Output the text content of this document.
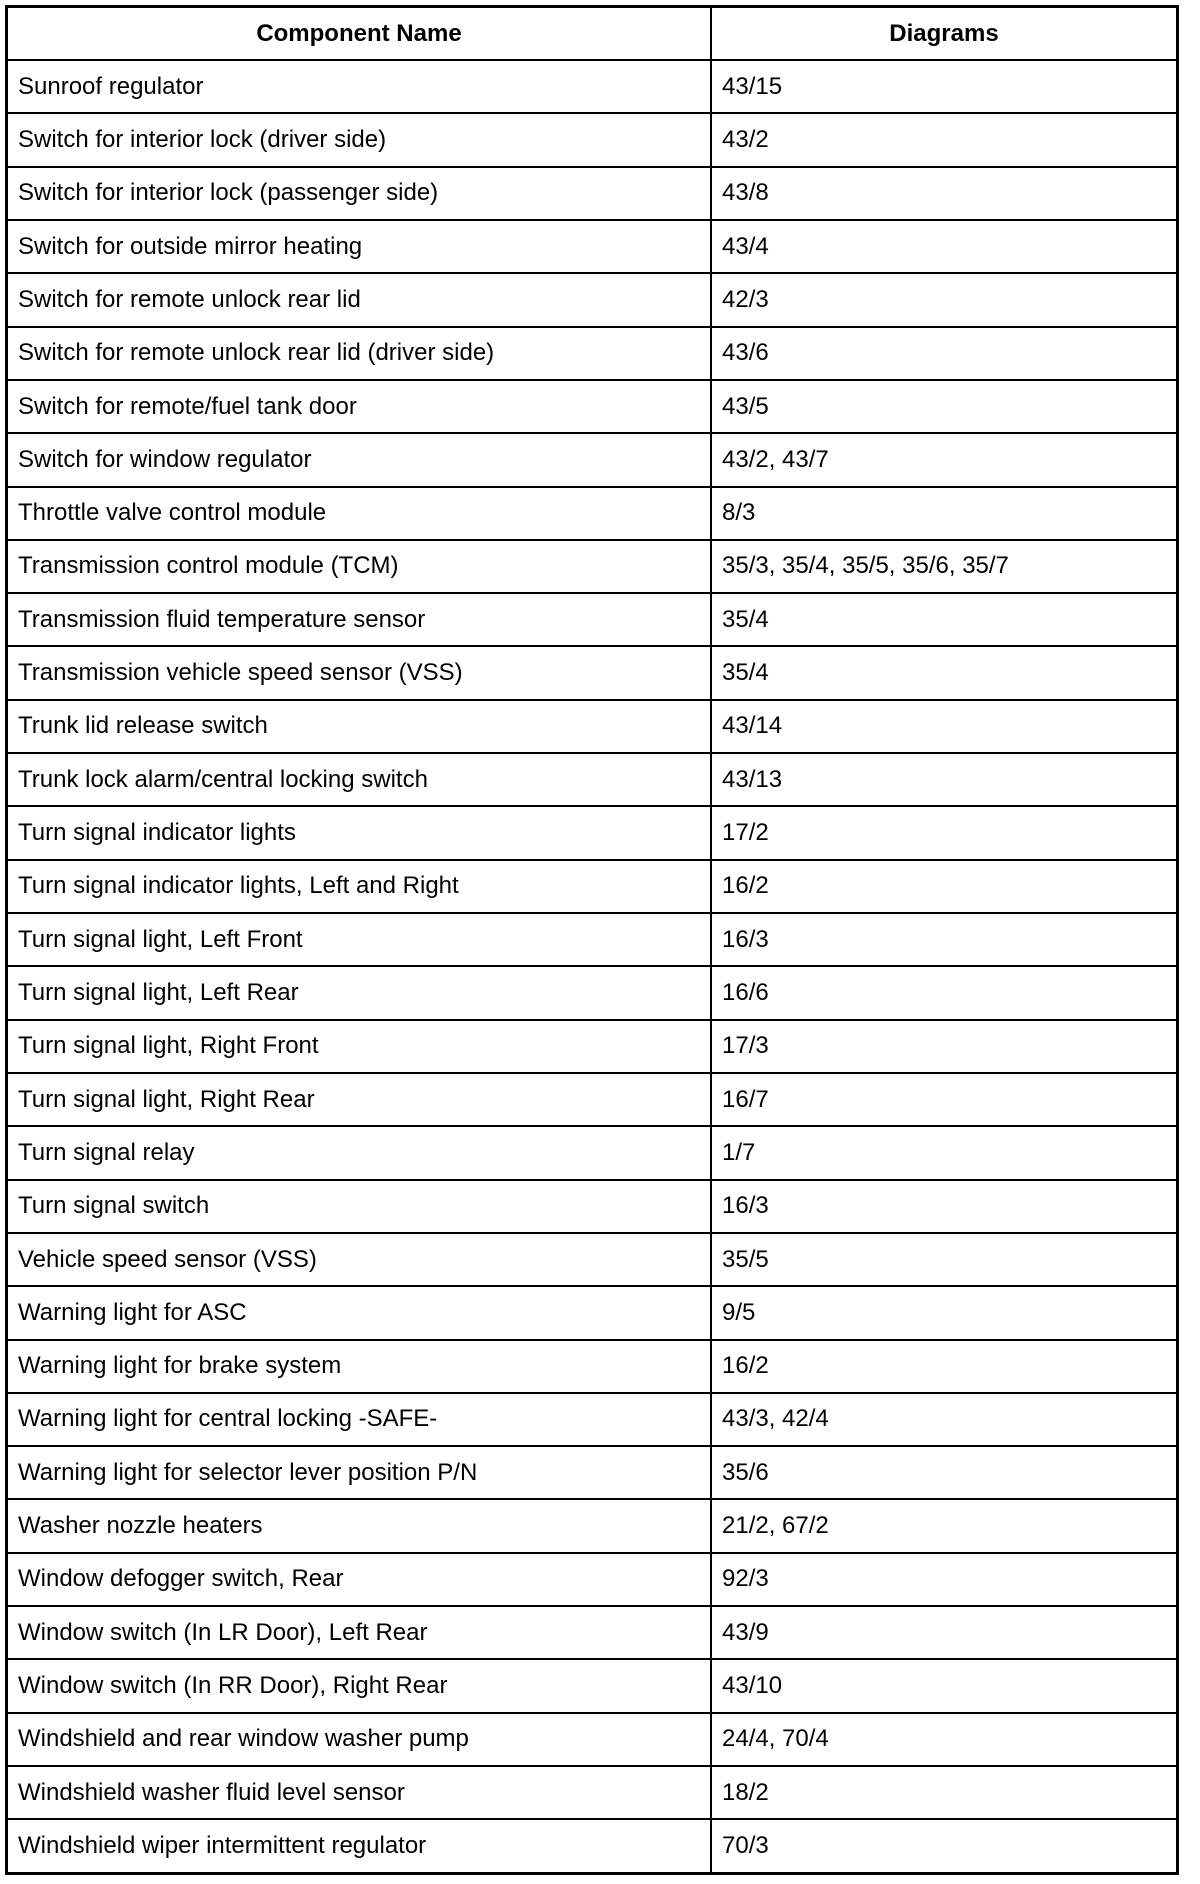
Component Name	Diagrams
Sunroof regulator	43/15
Switch for interior lock (driver side)	43/2
Switch for interior lock (passenger side)	43/8
Switch for outside mirror heating	43/4
Switch for remote unlock rear lid	42/3
Switch for remote unlock rear lid (driver side)	43/6
Switch for remote/fuel tank door	43/5
Switch for window regulator	43/2, 43/7
Throttle valve control module	8/3
Transmission control module (TCM)	35/3, 35/4, 35/5, 35/6, 35/7
Transmission fluid temperature sensor	35/4
Transmission vehicle speed sensor (VSS)	35/4
Trunk lid release switch	43/14
Trunk lock alarm/central locking switch	43/13
Turn signal indicator lights	17/2
Turn signal indicator lights, Left and Right	16/2
Turn signal light, Left Front	16/3
Turn signal light, Left Rear	16/6
Turn signal light, Right Front	17/3
Turn signal light, Right Rear	16/7
Turn signal relay	1/7
Turn signal switch	16/3
Vehicle speed sensor (VSS)	35/5
Warning light for ASC	9/5
Warning light for brake system	16/2
Warning light for central locking -SAFE-	43/3, 42/4
Warning light for selector lever position P/N	35/6
Washer nozzle heaters	21/2, 67/2
Window defogger switch, Rear	92/3
Window switch (In LR Door), Left Rear	43/9
Window switch (In RR Door), Right Rear	43/10
Windshield and rear window washer pump	24/4, 70/4
Windshield washer fluid level sensor	18/2
Windshield wiper intermittent regulator	70/3
